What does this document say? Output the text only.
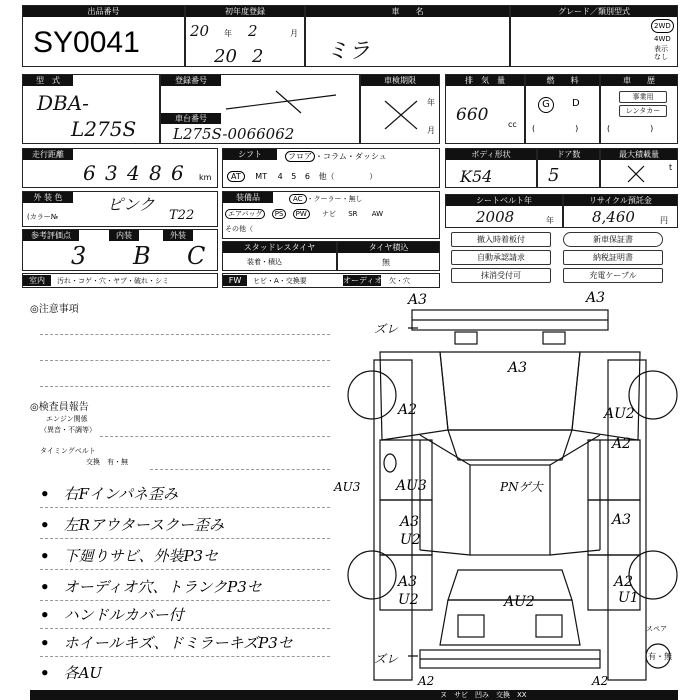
出品番号
SY0041
初年度登録
20 年 2	月
20 2
車　　名
ミラ
グレード／類別型式
2WD
4WD
表示なし
型　式
DBA-
L275S
登録番号
車台番号
L275S-0066062
車検期限
年
月
排　気　量
660 cc
燃　　料
G	D
(　　　　　)
車　　歴
事業用
レンタカー
(　　　　　)
走行距離
6 3 4 8 6	km
シフト	フロア ・コラム・ダッシュ
AT MT 4 5 6 他（	）
ボディ形状
K54
ドア数
5
最大積載量
t
外 装 色	ピンク
(カラー№	T22
装備品	AC ・クーラー・無し
エアバッグ PS PW ナビ SR AW
その他（
シートベルト年
2008	年
リサイクル預託金
8,460	円
参考評価点	内装	外装
3 B C	スタッドレスタイヤ
装着・積込
タイヤ積込
無
撤入時着板付	新車保証書
自動承認請求	納税証明書
抹消受付可	充電ケーブル
室内	汚れ・コゲ・穴・ヤブ・破れ・シミ	FW	ヒビ・A・交換要	オーディオ 欠・穴
◎注意事項
◎検査員報告
エンジン関係
（異音・不調等）
タイミングベルト
交換　有・無
• 右Fインパネ歪み
• 左Rアウタースクー歪み
• 下廻りサビ、外装P3セ
• オーディオ穴、トランクP3セ
• ハンドルカバー付
• ホイールキズ、ドミラーキズP3セ
• 各AU
A3	A3
ズレ
A3
A2	AU2
A2
AU3	AU3	PNゲ大
A3
U2
A3
A3
U2
A2
U1
AU2
ズレ
A2	A2
スペア
有・無
ヌ　 サビ　 凹み　 交換　 XX
